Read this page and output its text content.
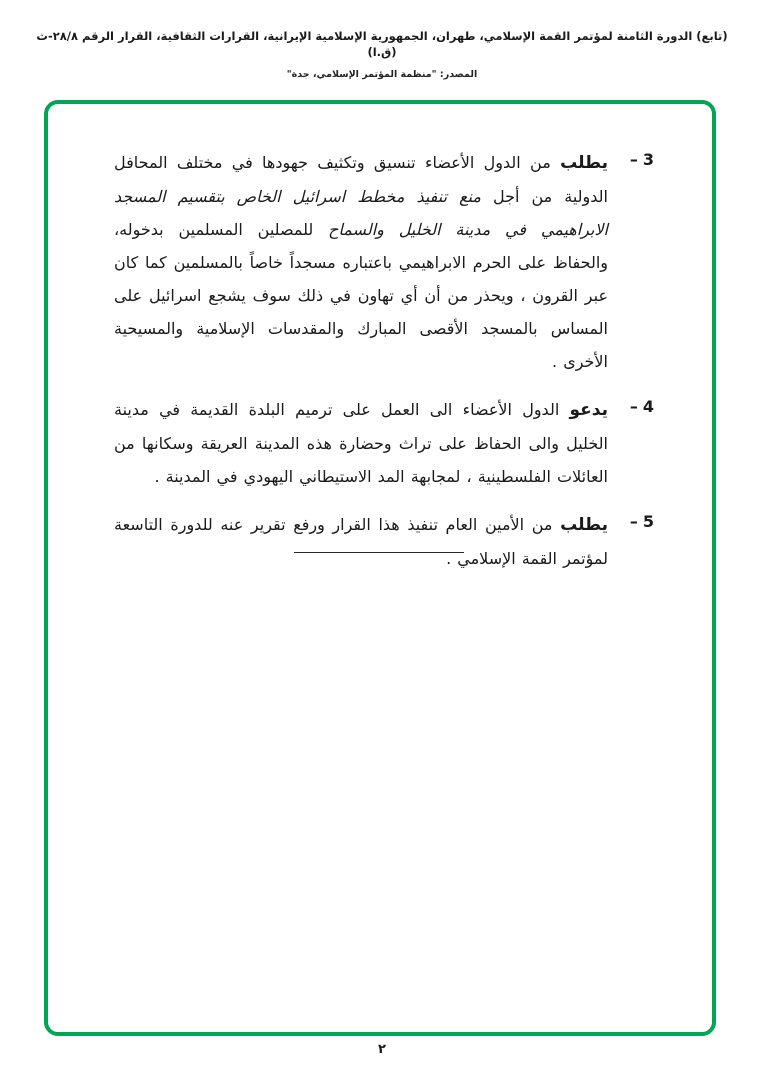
(تابع) الدورة الثامنة لمؤتمر القمة الإسلامي، طهران، الجمهورية الإسلامية الإيرانية، القرارات الثقافية، القرار الرقم ٢٨/٨-ث (ق.ا)
المصدر: "منظمة المؤتمر الإسلامي، جدة"
3
–
يطلب من الدول الأعضاء تنسيق وتكثيف جهودها في مختلف المحافل الدولية من أجل منع تنفيذ مخطط اسرائيل الخاص بتقسيم المسجد الابراهيمي في مدينة الخليل والسماح للمصلين المسلمين بدخوله، والحفاظ على الحرم الابراهيمي باعتباره مسجداً خاصاً بالمسلمين كما كان عبر القرون ، ويحذر من أن أي تهاون في ذلك سوف يشجع اسرائيل على المساس بالمسجد الأقصى المبارك والمقدسات الإسلامية والمسيحية الأخرى .
4
–
يدعو الدول الأعضاء الى العمل على ترميم البلدة القديمة في مدينة الخليل والى الحفاظ على تراث وحضارة هذه المدينة العريقة وسكانها من العائلات الفلسطينية ، لمجابهة المد الاستيطاني اليهودي في المدينة .
5
–
يطلب من الأمين العام تنفيذ هذا القرار ورفع تقرير عنه للدورة التاسعة لمؤتمر القمة الإسلامي .
٢
